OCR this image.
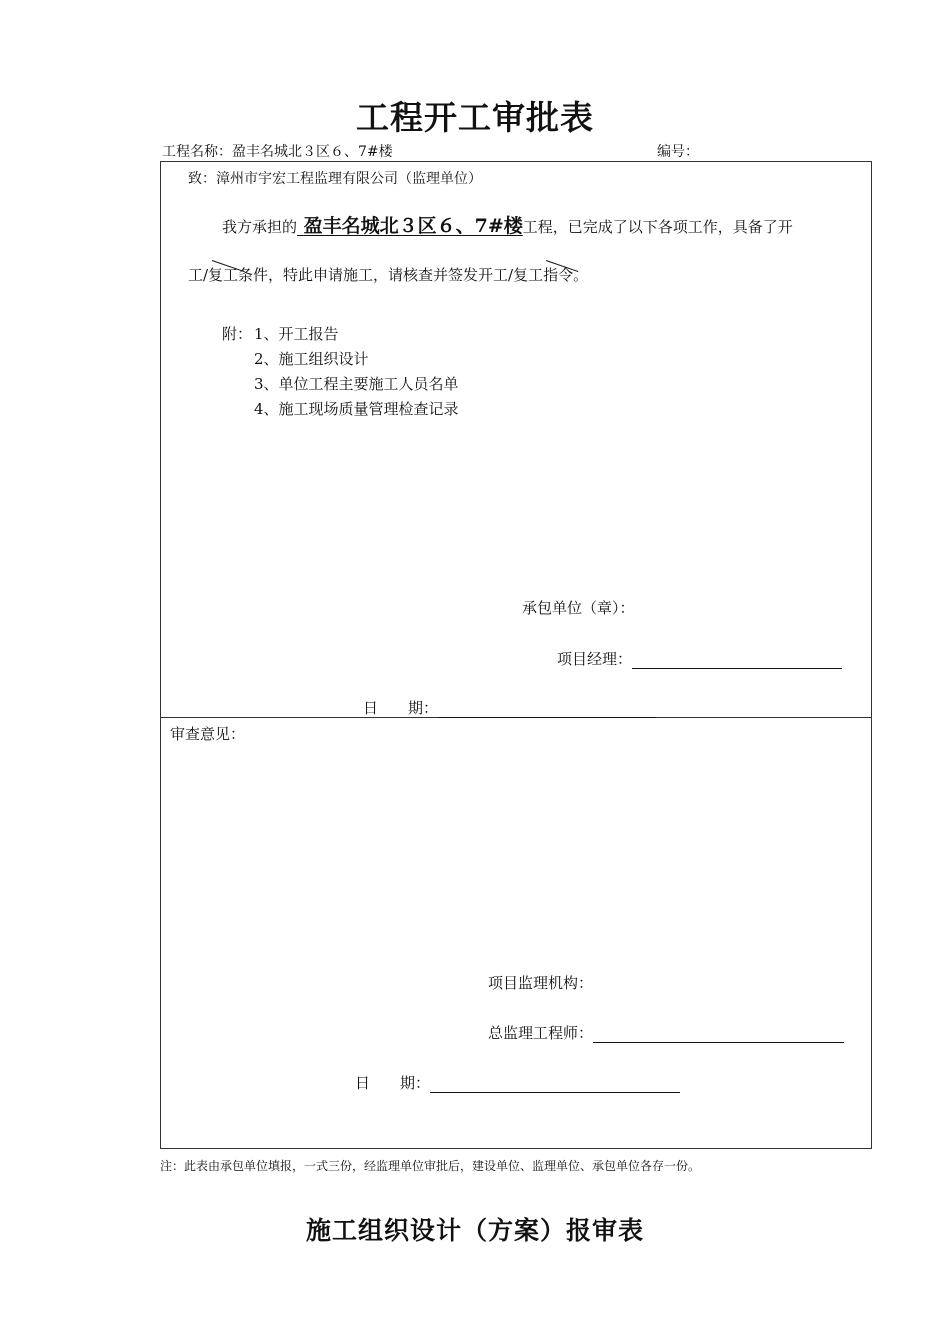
工程开工审批表
工程名称：盈丰名城北３区６、7#楼	编号：
致：漳州市宇宏工程监理有限公司（监理单位）
我方承担的 盈丰名城北３区６、7#楼工程，已完成了以下各项工作，具备了开
工/复工条件，特此申请施工，请核查并签发开工/复工指令。
附： 1、开工报告
2、施工组织设计
3、单位工程主要施工人员名单
4、施工现场质量管理检查记录
承包单位（章）：
项目经理：
日　　期：
审查意见：
项目监理机构：
总监理工程师：
日　　期：
注：此表由承包单位填报，一式三份，经监理单位审批后，建设单位、监理单位、承包单位各存一份。
施工组织设计（方案）报审表
